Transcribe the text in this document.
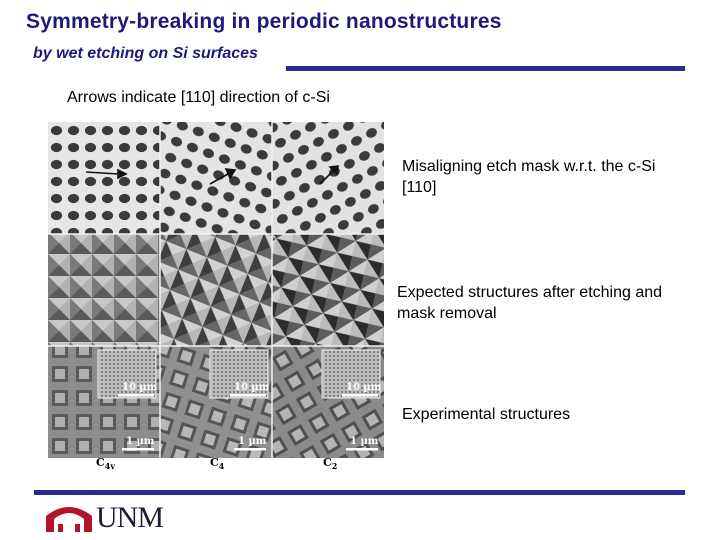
Symmetry-breaking in periodic nanostructures
by wet etching on Si surfaces
Arrows indicate [110] direction of c-Si
10 µm	10 µm	10 µm
1 µm	1 µm	1 µm
Misaligning etch mask w.r.t. the c-Si [110]
Expected structures after etching and mask removal
Experimental structures
$C_{4v}$	$C_4$	$C_2$
UNM
